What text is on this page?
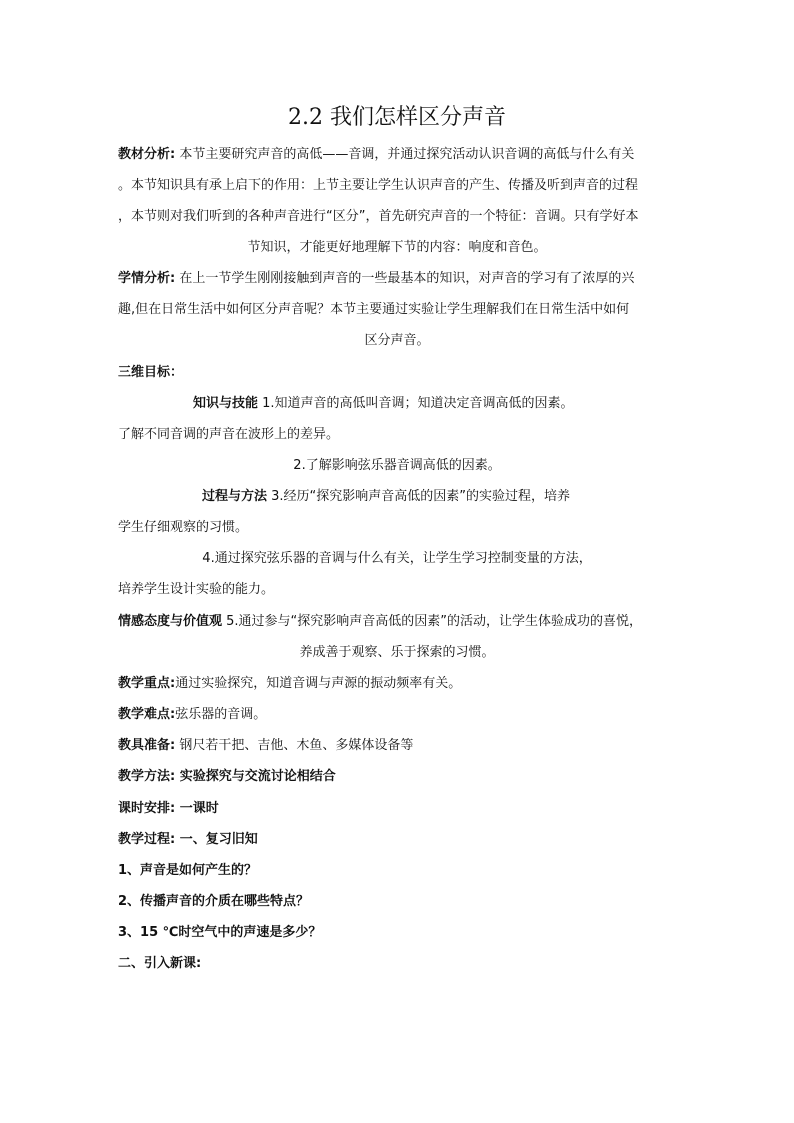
2.2 我们怎样区分声音
教材分析: 本节主要研究声音的高低——音调，并通过探究活动认识音调的高低与什么有关
。本节知识具有承上启下的作用：上节主要让学生认识声音的产生、传播及听到声音的过程
，本节则对我们听到的各种声音进行“区分”，首先研究声音的一个特征：音调。只有学好本
节知识，才能更好地理解下节的内容：响度和音色。
学情分析: 在上一节学生刚刚接触到声音的一些最基本的知识，对声音的学习有了浓厚的兴
趣,但在日常生活中如何区分声音呢？本节主要通过实验让学生理解我们在日常生活中如何
区分声音。
三维目标：
知识与技能 1.知道声音的高低叫音调；知道决定音调高低的因素。
了解不同音调的声音在波形上的差异。
2.了解影响弦乐器音调高低的因素。
过程与方法 3.经历“探究影响声音高低的因素”的实验过程，培养
学生仔细观察的习惯。
4.通过探究弦乐器的音调与什么有关，让学生学习控制变量的方法，
培养学生设计实验的能力。
情感态度与价值观 5.通过参与“探究影响声音高低的因素”的活动，让学生体验成功的喜悦，
养成善于观察、乐于探索的习惯。
教学重点:通过实验探究，知道音调与声源的振动频率有关。
教学难点:弦乐器的音调。
教具准备: 钢尺若干把、吉他、木鱼、多媒体设备等
教学方法: 实验探究与交流讨论相结合
课时安排: 一课时
教学过程: 一、复习旧知
1、声音是如何产生的？
2、传播声音的介质在哪些特点？
3、15 ℃时空气中的声速是多少？
二、引入新课:
